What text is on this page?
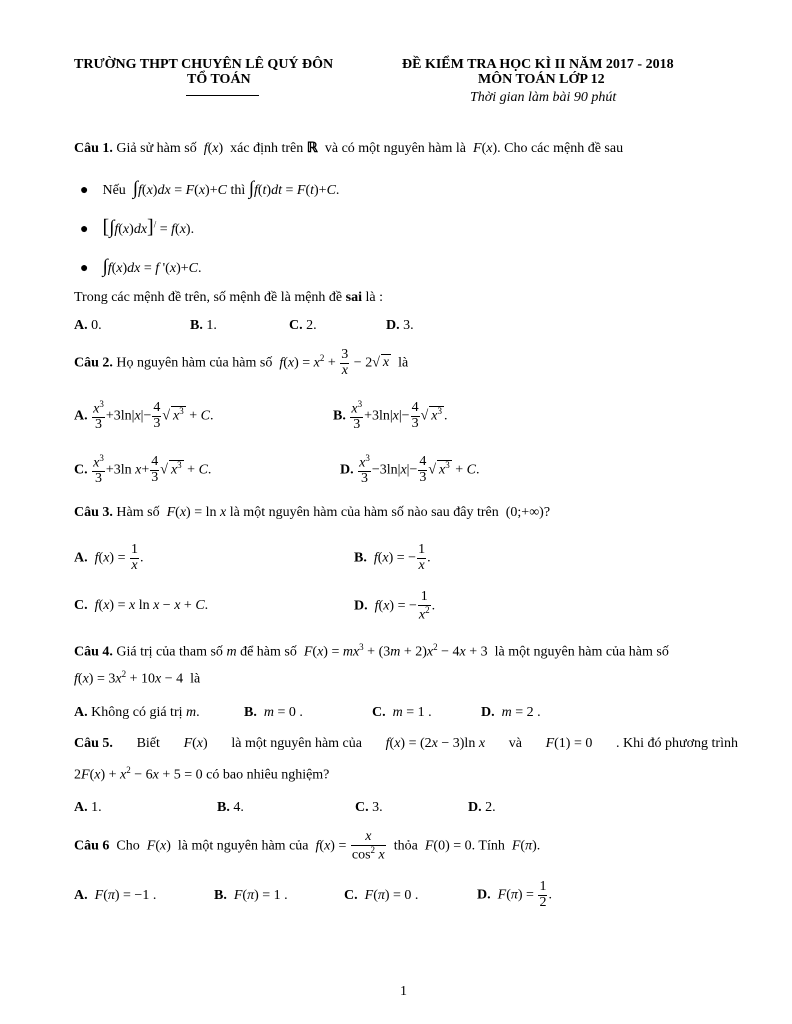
TRƯỜNG THPT CHUYÊN LÊ QUÝ ĐÔN
TỔ TOÁN
ĐỀ KIỂM TRA HỌC KÌ II NĂM 2017 - 2018
MÔN TOÁN LỚP 12
Thời gian làm bài 90 phút
Câu 1. Giả sử hàm số  f(x)  xác định trên ℝ và có một nguyên hàm là F(x). Cho các mệnh đề sau
● Nếu ∫f(x)dx = F(x)+C thì ∫f(t)dt = F(t)+C.
● [∫f(x)dx]/ = f(x).
● ∫f(x)dx = f '(x)+C.
Trong các mệnh đề trên, số mệnh đề là mệnh đề sai là :
A. 0.	B. 1.	C. 2.	D. 3.
Câu 2. Họ nguyên hàm của hàm số $f(x) = x^2 + \frac{3}{x} - 2√$ x là
A. $\frac{x^3}{3} +3\ln|x|- \frac{4}{3}$ √ $x^3 + C$.	B. $\frac{x^3}{3} +3\ln|x|- \frac{4}{3}$ √ $x^3$ .
C. $\frac{x^3}{3} +3\ln$ $x+ \frac{4}{3}$ √ $x^3 + C$.	D. $\frac{x^3}{3} -3\ln|x|- \frac{4}{3}$ √ $x^3 + C$.
Câu 3. Hàm số F(x) = ln x là một nguyên hàm của hàm số nào sau đây trên  (0;+∞)?
A. $f(x) = \frac{1}{x}$ .	B. f(x) = − $\frac{1}{x}$ .
C. f(x) = x ln x − x + C.	D. f(x) = − $\frac{1}{x^2}$ .
Câu 4. Giá trị của tham số m để hàm số $F(x) = mx^3 + (3m + 2)x^2 - 4x + 3$  là một nguyên hàm của hàm số
$f(x) = 3x^2 + 10x - 4$  là
A. Không có giá trị m.	B. m = 0 .	C. m = 1 .	D. m = 2 .
Câu 5. Biết F(x) là một nguyên hàm của f(x) = (2x − 3)ln x và F(1) = 0 . Khi đó phương trình
$2F(x) + x^2 - 6x + 5 = 0$ có bao nhiêu nghiệm?
A. 1.	B. 4.	C. 3.	D. 2.
Câu 6 Cho F(x)  là một nguyên hàm của $f(x) = \frac{x}{\cos^2 x}$ thỏa F(0) = 0. Tính F(π).
A. F(π) = −1 .	B. F(π) = 1 .	C. F(π) = 0 .	D. $F(\pi) = \frac{1}{2}$ .
1
